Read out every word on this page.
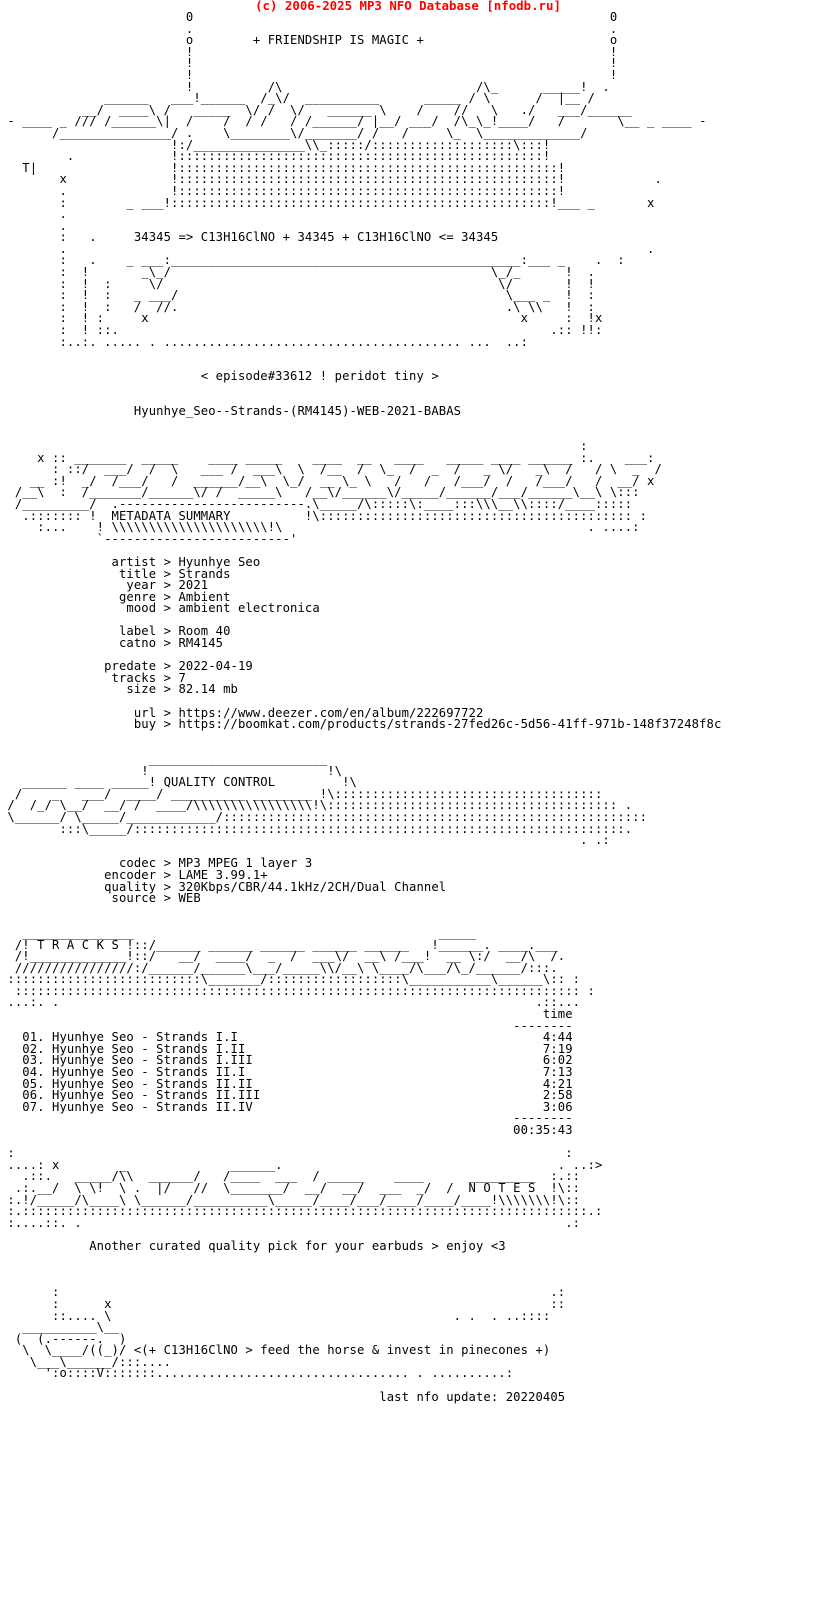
(c) 2006-2025 MP3 NFO Database [nfodb.ru]
0                                                        0
.                                                        .
o        + FRIENDSHIP IS MAGIC +                         o
!                                                        !
!                                                        !
!                                                        !
!          /\                          /\_      _____!  .
______   ___!______  /_\/  __________      _____ / \      /  |__ /
__/  ____\ /   _____  \/ /  \/   ______ \    /    //   \   ./   ___/______
- ____ _ /// /______\|  /    /  / /   / /______/ |__/ ___/  /\_\_!____/   /       \__ _ ____ -
/_______________/ .    \________\/_______/ /   /     \_  \_____________/
!:/_______________\\_:::::/:::::::::::::::::::\:::!
.             !:::::::::::::::::::::::::::::::::::::::::::::::::!
T|                  !:::::::::::::::::::::::::::::::::::::::::::::::::::!
x              !:::::::::::::::::::::::::::::::::::::::::::::::::::!            .
.              !:::::::::::::::::::::::::::::::::::::::::::::::::::!
:        _ ___!:::::::::::::::::::::::::::::::::::::::::::::::::::!___ _       x
.
.
:   .     34345 => C13H16ClNO + 34345 + C13H16ClNO <= 34345
.                                                                              .
:   .    _ ___:_______________________________________________:___ _    .  :
:  !       _\_/                                           \_/_      !  .
:  !  :     \/                                             \/       !  !
:  !  :   _ ___/                                            \___ _  !  :
:  !  :   /  //.                                            .\ \\   !  :
:  ! :     x                                                  x     :  !x
:  ! ::.                                                          .:: !!:
:..:. ..... . ........................................ ...  ..:

< episode#33612 ! peridot tiny >

Hyunhye_Seo--Strands-(RM4145)-WEB-2021-BABAS

:
x :: _______  _____    ____ _____    ____  __   ____   _____ ____ ______ :.    ___:
: ::/  ___/  /  \   ___ /  ___\  \  /__  /  \_  /  _  /   _ \/   _\  /   / \  _  /
__ :!  _/  /___/   /  ______/__\  \_/  __ \_ \   /   /   /___/  /   /___/   /  __/ x
/__\  :  /_______/______\/ /  _____\   /__\/______\/_____/______/___/______\__\ \:::
/_________/  .-------------------------.\_____/\:::::\:____:::\\\__\\::::/____:::::
.::::::: !  METADATA SUMMARY          !\:::::::::::::::::::::::::::::::::::::::::: :
:...    ! \\\\\\\\\\\\\\\\\\\\\!\                                         . ....:
`-------------------------'

artist > Hyunhye Seo
title > Strands
year > 2021
genre > Ambient
mood > ambient electronica

label > Room 40
catno > RM4145

predate > 2022-04-19
tracks > 7
size > 82.14 mb

url > https://www.deezer.com/en/album/222697722
buy > https://boomkat.com/products/strands-27fed26c-5d56-41ff-971b-148f37248f8c

________________________
!                        !\
______ ____ _____! QUALITY CONTROL         !\
/    _   ___/  ____/ __________ ________ !\::::::::::::::::::::::::::::::::::::
/  /_/ \__/  __/ /  ____/\\\\\\\\\\\\\\\\!\::::::::::::::::::::::::::::::::::::::: .
\______/ \_____/____________/:::::::::::::::::::::::::::::::::::::::::::::::::::::::::
:::\_____/::::::::::::::::::::::::::::::::::::::::::::::::::::::::::::::::::.
. .:

codec > MP3 MPEG 1 layer 3
encoder > LAME 3.99.1+
quality > 320Kbps/CBR/44.1kHz/2CH/Dual Channel
source > WEB

_______________                                         _____
/! T R A C K S !::/______ ______ ______ ______ ______   !______. ____.___
/!_____________!::/   __/  ____/  _  /  ___\/  __\ /___!  __ \:/  __/\  /.
////////////////:/______/______\___/_____\\/__\ \____/\___/\_/______/:::.
::::::::::::::::::::::::::\_______/::::::::::::::::::\___________\______\:: :
:::::::::::::::::::::::::::::::::::::::::::::::::::::::::::::::::::::::::::: :
...:. .                                                                .::...
time
--------
01. Hyunhye Seo - Strands I.I                                         4:44
02. Hyunhye Seo - Strands I.II                                        7:19
03. Hyunhye Seo - Strands I.III                                       6:02
04. Hyunhye Seo - Strands II.I                                        7:13
05. Hyunhye Seo - Strands II.II                                       4:21
06. Hyunhye Seo - Strands II.III                                      2:58
07. Hyunhye Seo - Strands II.IV                                       3:06
--------
00:35:43

:                                                                          :
....: x        _              ______.                                     . ..:>
.::.   _____/\\  ______/   /____  ___  / _____    ____      _________  :.::
.:.__/  \ \!  \ .  |/   //  \_______/  __/  __/  ___  _/  /  N O T E S  !\::
:.!/_____/\____\ \______/__________\_____/____/___/____/____/____!\\\\\\\!\::
:.::::::::::::::::::::::::::::::::::::::::::::::::::::::::::::::::::::::::::::.:
:....::. .                                                                 .:

Another curated quality pick for your earbuds > enjoy <3

:                                                                  .:
:      x                                                           ::
::.... \                                              . .  . ..::::
__________\__
(  (.------.  )
\  \____/((_)/ <(+ C13H16ClNO > feed the horse & invest in pinecones +)
\___\______/:::....
':o::::V:::::::.................................. . ..........:

last nfo update: 20220405
